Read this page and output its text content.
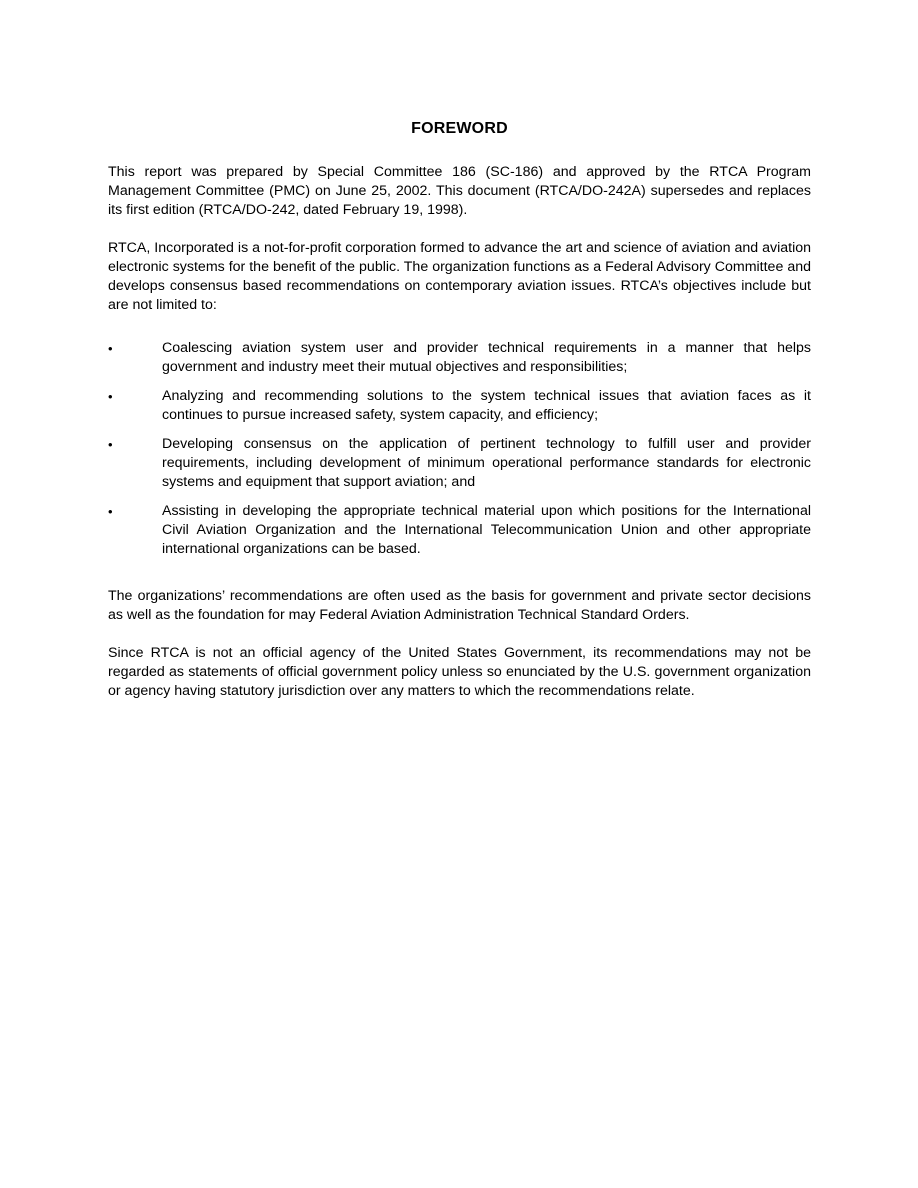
FOREWORD

This report was prepared by Special Committee 186 (SC-186) and approved by the RTCA Program Management Committee (PMC) on June 25, 2002. This document (RTCA/DO-242A) supersedes and replaces its first edition (RTCA/DO-242, dated February 19, 1998).

RTCA, Incorporated is a not-for-profit corporation formed to advance the art and science of aviation and aviation electronic systems for the benefit of the public. The organization functions as a Federal Advisory Committee and develops consensus based recommendations on contemporary aviation issues. RTCA’s objectives include but are not limited to:

•	Coalescing aviation system user and provider technical requirements in a manner that helps government and industry meet their mutual objectives and responsibilities;
•	Analyzing and recommending solutions to the system technical issues that aviation faces as it continues to pursue increased safety, system capacity, and efficiency;
•	Developing consensus on the application of pertinent technology to fulfill user and provider requirements, including development of minimum operational performance standards for electronic systems and equipment that support aviation; and
•	Assisting in developing the appropriate technical material upon which positions for the International Civil Aviation Organization and the International Telecommunication Union and other appropriate international organizations can be based.

The organizations’ recommendations are often used as the basis for government and private sector decisions as well as the foundation for may Federal Aviation Administration Technical Standard Orders.

Since RTCA is not an official agency of the United States Government, its recommendations may not be regarded as statements of official government policy unless so enunciated by the U.S. government organization or agency having statutory jurisdiction over any matters to which the recommendations relate.
